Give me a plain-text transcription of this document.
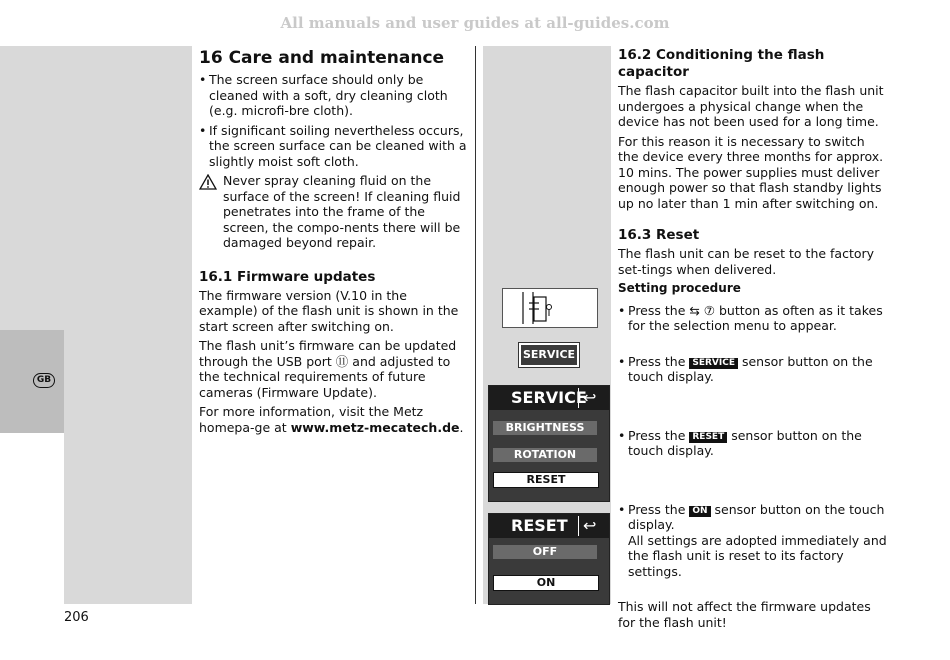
All manuals and user guides at all-guides.com
GB
16 Care and maintenance

• The screen surface should only be cleaned with a soft, dry cleaning cloth (e.g. microfi-bre cloth).

• If significant soiling nevertheless occurs, the screen surface can be cleaned with a slightly moist soft cloth.

Never spray cleaning fluid on the surface of the screen! If cleaning fluid penetrates into the frame of the screen, the compo-nents there will be damaged beyond repair.

16.1 Firmware updates

The firmware version (V.10 in the example) of the flash unit is shown in the start screen after switching on.

The flash unit’s firmware can be updated through the USB port ⑪ and adjusted to the technical requirements of future cameras (Firmware Update).

For more information, visit the Metz homepa-ge at www.metz-mecatech.de.

SERVICE
SERVICE
↩
BRIGHTNESS
ROTATION
RESET
RESET ↩
OFF
ON
16.2 Conditioning the flash capacitor

The flash capacitor built into the flash unit undergoes a physical change when the device has not been used for a long time.

For this reason it is necessary to switch the device every three months for approx. 10 mins. The power supplies must deliver enough power so that flash standby lights up no later than 1 min after switching on.

16.3 Reset

The flash unit can be reset to the factory set-tings when delivered.

Setting procedure

• Press the ⇆ ⑦ button as often as it takes for the selection menu to appear.

• Press the SERVICE sensor button on the touch display.

• Press the RESET sensor button on the touch display.

• Press the ON sensor button on the touch display.

All settings are adopted immediately and the flash unit is reset to its factory settings.

This will not affect the firmware updates for the flash unit!

206
